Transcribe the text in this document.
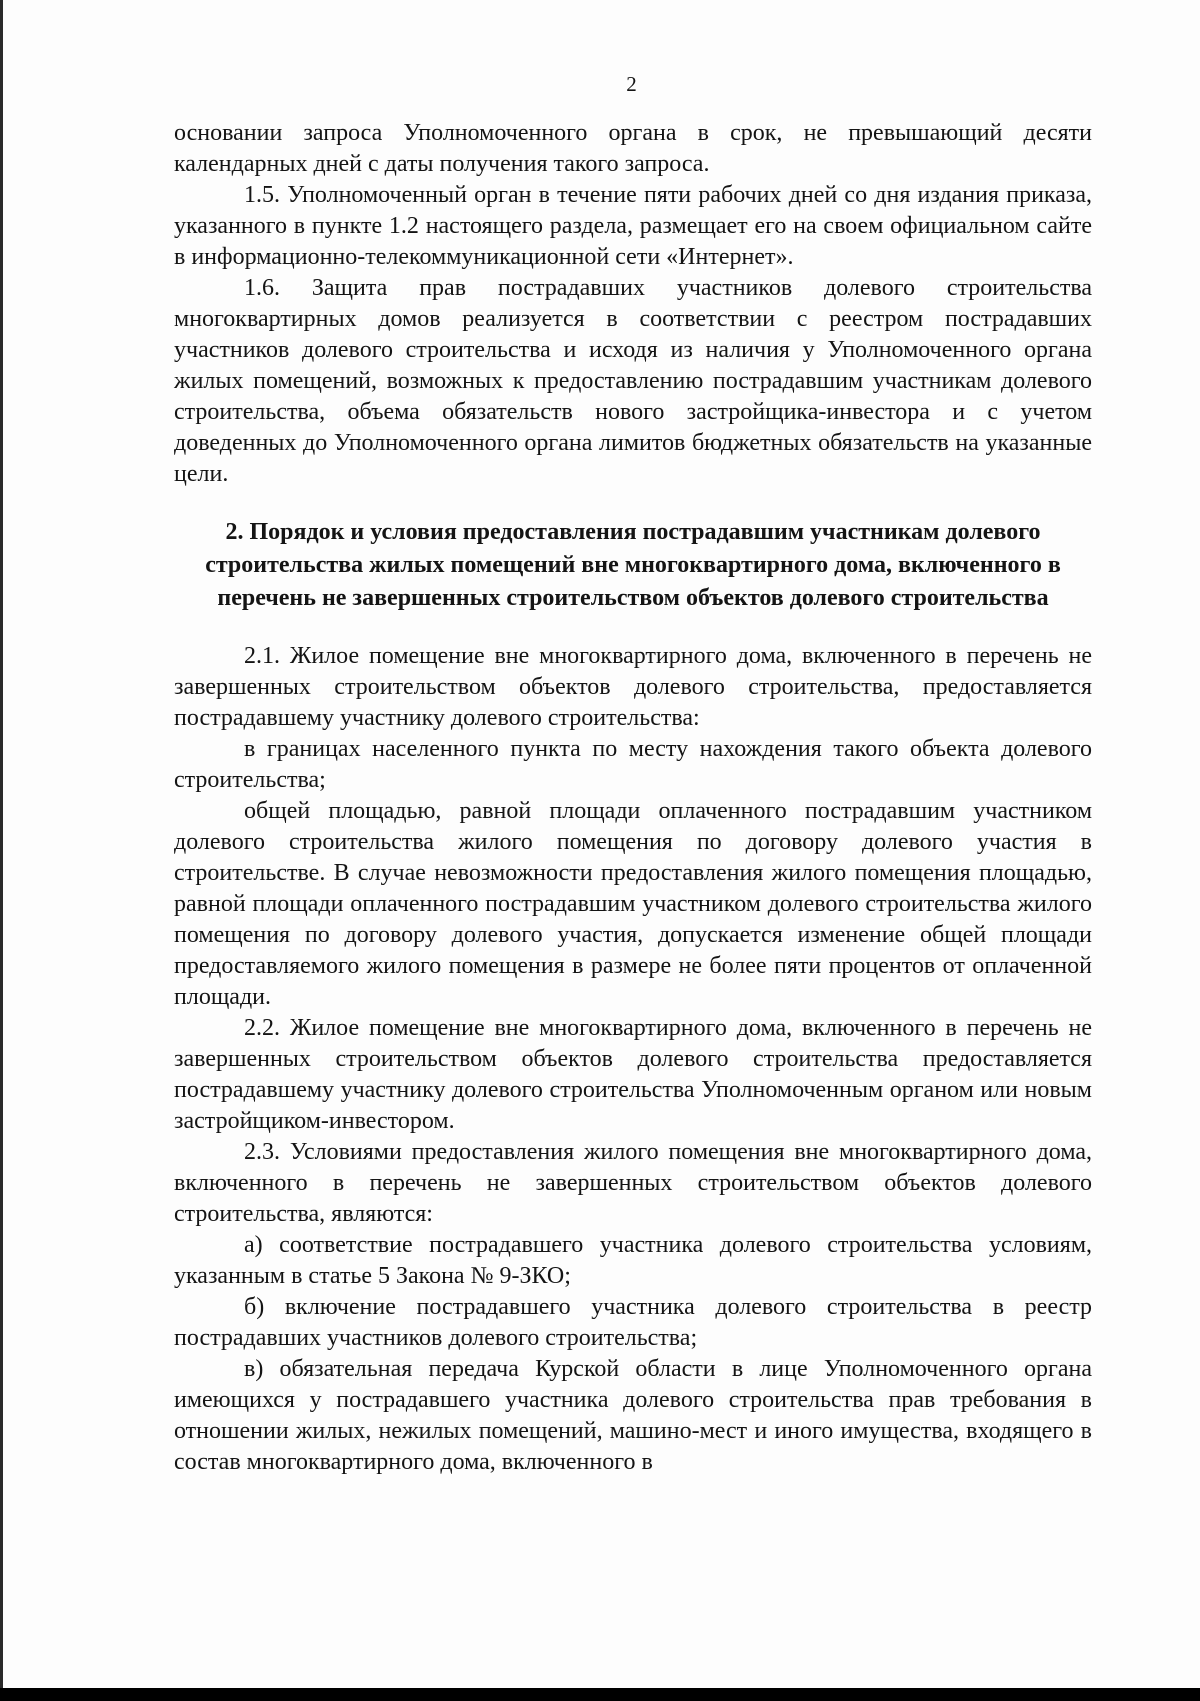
2

основании запроса Уполномоченного органа в срок, не превышающий десяти календарных дней с даты получения такого запроса.

1.5. Уполномоченный орган в течение пяти рабочих дней со дня издания приказа, указанного в пункте 1.2 настоящего раздела, размещает его на своем официальном сайте в информационно-телекоммуникационной сети «Интернет».

1.6. Защита прав пострадавших участников долевого строительства многоквартирных домов реализуется в соответствии с реестром пострадавших участников долевого строительства и исходя из наличия у Уполномоченного органа жилых помещений, возможных к предоставлению пострадавшим участникам долевого строительства, объема обязательств нового застройщика-инвестора и с учетом доведенных до Уполномоченного органа лимитов бюджетных обязательств на указанные цели.

2. Порядок и условия предоставления пострадавшим участникам долевого строительства жилых помещений вне многоквартирного дома, включенного в перечень не завершенных строительством объектов долевого строительства

2.1. Жилое помещение вне многоквартирного дома, включенного в перечень не завершенных строительством объектов долевого строительства, предоставляется пострадавшему участнику долевого строительства:

в границах населенного пункта по месту нахождения такого объекта долевого строительства;

общей площадью, равной площади оплаченного пострадавшим участником долевого строительства жилого помещения по договору долевого участия в строительстве. В случае невозможности предоставления жилого помещения площадью, равной площади оплаченного пострадавшим участником долевого строительства жилого помещения по договору долевого участия, допускается изменение общей площади предоставляемого жилого помещения в размере не более пяти процентов от оплаченной площади.

2.2. Жилое помещение вне многоквартирного дома, включенного в перечень не завершенных строительством объектов долевого строительства предоставляется пострадавшему участнику долевого строительства Уполномоченным органом или новым застройщиком-инвестором.

2.3. Условиями предоставления жилого помещения вне многоквартирного дома, включенного в перечень не завершенных строительством объектов долевого строительства, являются:

а) соответствие пострадавшего участника долевого строительства условиям, указанным в статье 5 Закона № 9-ЗКО;

б) включение пострадавшего участника долевого строительства в реестр пострадавших участников долевого строительства;

в) обязательная передача Курской области в лице Уполномоченного органа имеющихся у пострадавшего участника долевого строительства прав требования в отношении жилых, нежилых помещений, машино-мест и иного имущества, входящего в состав многоквартирного дома, включенного в
